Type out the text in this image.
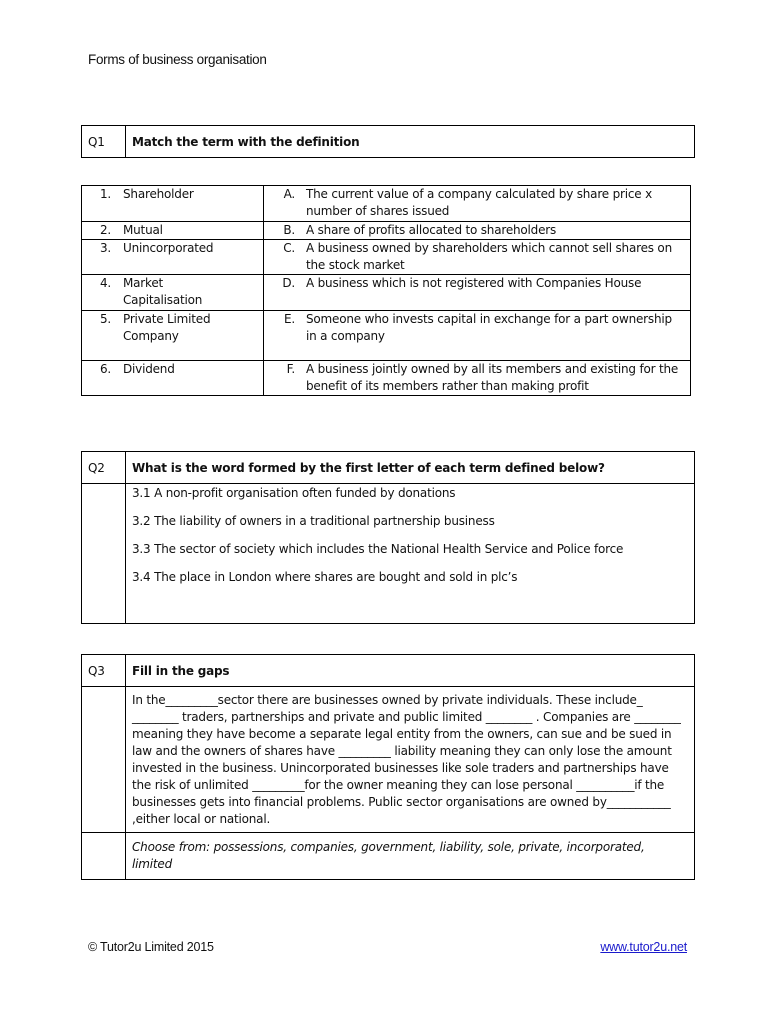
Forms of business organisation
Q1	Match the term with the definition
1. Shareholder	A. The current value of a company calculated by share price x number of shares issued

2. Mutual	B. A share of profits allocated to shareholders

3. Unincorporated	C. A business owned by shareholders which cannot sell shares on the stock market

4. Market Capitalisation	D. A business which is not registered with Companies House

5. Private Limited Company	E. Someone who invests capital in exchange for a part ownership in a company

6. Dividend	F. A business jointly owned by all its members and existing for the benefit of its members rather than making profit
Q2	What is the word formed by the first letter of each term defined below?

	3.1 A non-profit organisation often funded by donations

3.2 The liability of owners in a traditional partnership business

3.3 The sector of society which includes the National Health Service and Police force

3.4 The place in London where shares are bought and sold in plc’s

Q3	Fill in the gaps

	In the_________sector there are businesses owned by private individuals. These include_ ________ traders, partnerships and private and public limited ________ . Companies are ________ meaning they have become a separate legal entity from the owners, can sue and be sued in law and the owners of shares have _________ liability meaning they can only lose the amount invested in the business. Unincorporated businesses like sole traders and partnerships have the risk of unlimited _________for the owner meaning they can lose personal __________if the businesses gets into financial problems. Public sector organisations are owned by___________ ,either local or national.

	Choose from: possessions, companies, government, liability, sole, private, incorporated, limited
© Tutor2u Limited 2015	www.tutor2u.net
